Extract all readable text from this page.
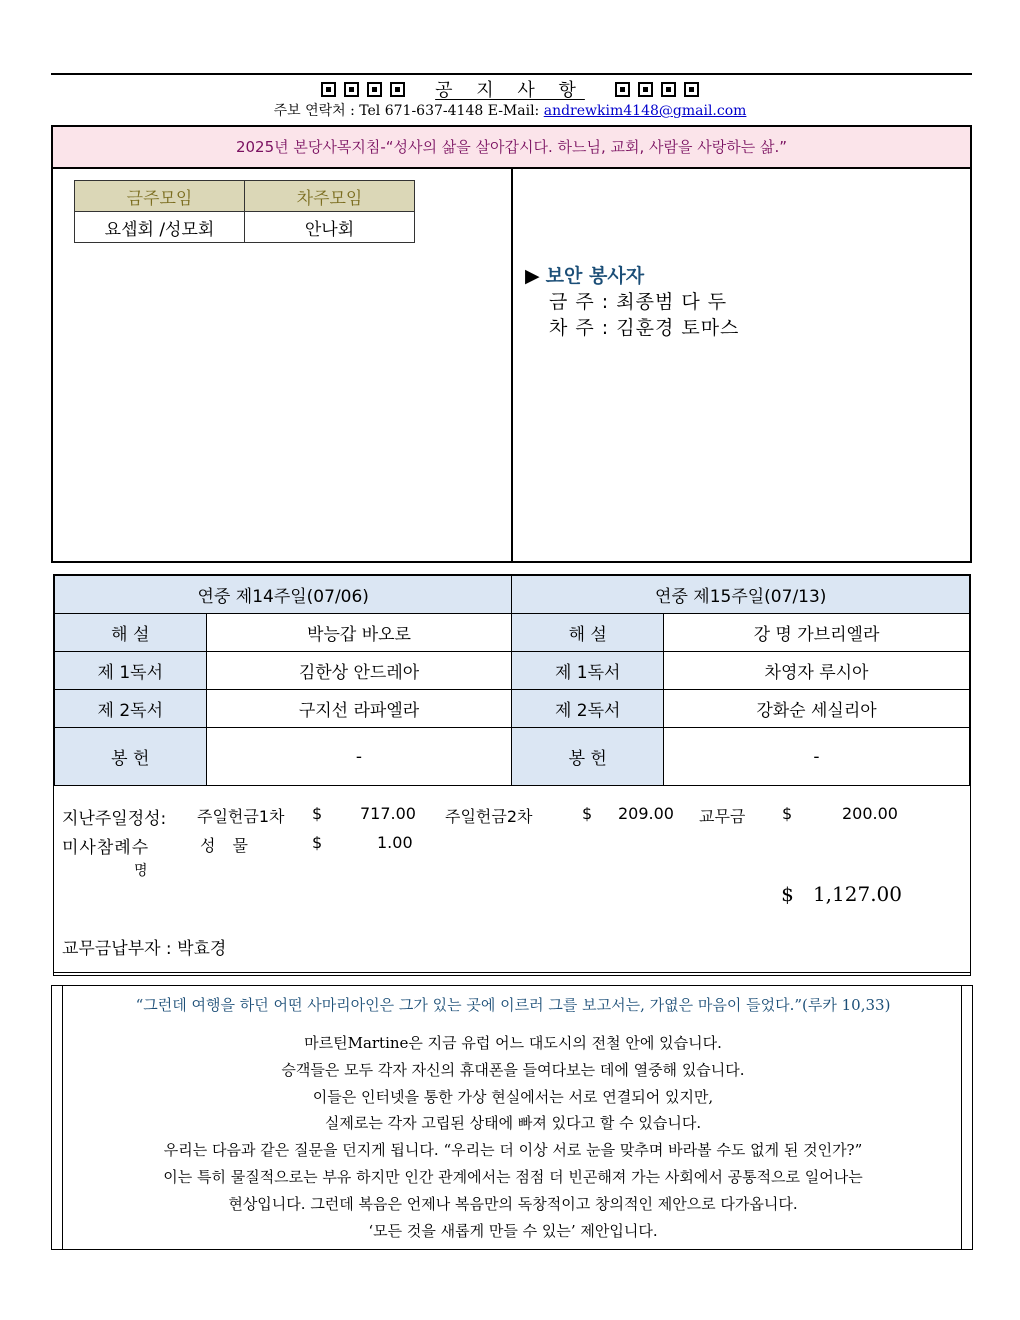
공 지 사 항
주보 연락처 : Tel 671-637-4148 E-Mail: andrewkim4148@gmail.com
2025년 본당사목지침-“성사의 삶을 살아갑시다. 하느님, 교회, 사람을 사랑하는 삶.”
금주모임	차주모임
요셉회 /성모회	안나회
▶ 보안 봉사자
금 주 : 최종범 다 두
차 주 : 김훈경 토마스
연중 제14주일(07/06)		연중 제15주일(07/13)	
해 설	박능갑 바오로	해 설	강 명 가브리엘라
제 1독서	김한상 안드레아	제 1독서	차영자 루시아
제 2독서	구지선 라파엘라	제 2독서	강화순 세실리아
봉 헌	-	봉 헌	-
지난주일정성: 주일헌금1차 $ 717.00 주일헌금2차	$ 209.00 교무금 $	200.00
미사참례수	성 물	$	1.00
명
$ 1,127.00
교무금납부자 : 박효경
“그런데 여행을 하던 어떤 사마리아인은 그가 있는 곳에 이르러 그를 보고서는, 가엾은 마음이 들었다.”(루카 10,33)
마르틴Martine은 지금 유럽 어느 대도시의 전철 안에 있습니다.
승객들은 모두 각자 자신의 휴대폰을 들여다보는 데에 열중해 있습니다.
이들은 인터넷을 통한 가상 현실에서는 서로 연결되어 있지만,
실제로는 각자 고립된 상태에 빠져 있다고 할 수 있습니다.
우리는 다음과 같은 질문을 던지게 됩니다. “우리는 더 이상 서로 눈을 맞추며 바라볼 수도 없게 된 것인가?”
이는 특히 물질적으로는 부유 하지만 인간 관계에서는 점점 더 빈곤해져 가는 사회에서 공통적으로 일어나는
현상입니다. 그런데 복음은 언제나 복음만의 독창적이고 창의적인 제안으로 다가옵니다.
‘모든 것을 새롭게 만들 수 있는’ 제안입니다.
